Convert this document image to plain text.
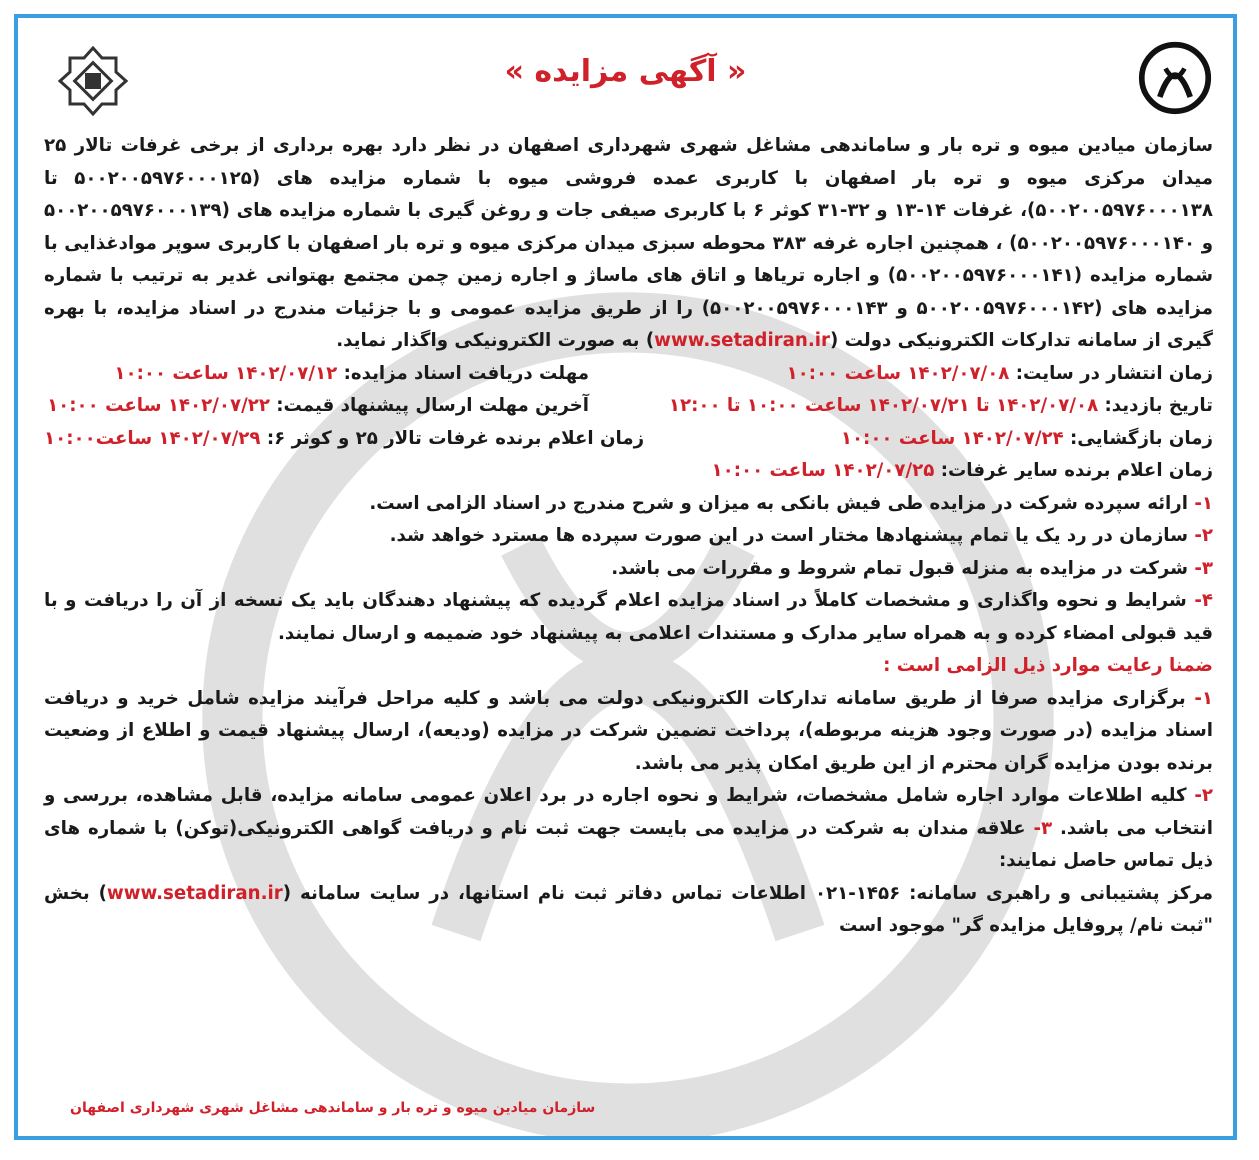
« آگهی مزایده »

سازمان میادین میوه و تره بار و ساماندهی مشاغل شهری شهرداری اصفهان در نظر دارد بهره برداری از برخی غرفات تالار ۲۵ میدان مرکزی میوه و تره بار اصفهان با کاربری عمده فروشی میوه با شماره مزایده های (۵۰۰۲۰۰۵۹۷۶۰۰۰۱۲۵ تا ۵۰۰۲۰۰۵۹۷۶۰۰۰۱۳۸)، غرفات ۱۴-۱۳ و ۳۲-۳۱ کوثر ۶ با کاربری صیفی جات و روغن گیری با شماره مزایده های (۵۰۰۲۰۰۵۹۷۶۰۰۰۱۳۹ و ۵۰۰۲۰۰۵۹۷۶۰۰۰۱۴۰) ، همچنین اجاره غرفه ۳۸۳ محوطه سبزی میدان مرکزی میوه و تره بار اصفهان با کاربری سوپر موادغذایی با شماره مزایده (۵۰۰۲۰۰۵۹۷۶۰۰۰۱۴۱) و اجاره تریاها و اتاق های ماساژ و اجاره زمین چمن مجتمع بهتوانی غدیر به ترتیب با شماره مزایده های (۵۰۰۲۰۰۵۹۷۶۰۰۰۱۴۲ و ۵۰۰۲۰۰۵۹۷۶۰۰۰۱۴۳) را از طریق مزایده عمومی و با جزئیات مندرج در اسناد مزایده، با بهره گیری از سامانه تدارکات الکترونیکی دولت (www.setadiran.ir) به صورت الکترونیکی واگذار نماید.

زمان انتشار در سایت: ۱۴۰۲/۰۷/۰۸ ساعت ۱۰:۰۰
مهلت دریافت اسناد مزایده: ۱۴۰۲/۰۷/۱۲ ساعت ۱۰:۰۰
تاریخ بازدید: ۱۴۰۲/۰۷/۰۸ تا ۱۴۰۲/۰۷/۲۱ ساعت ۱۰:۰۰ تا ۱۲:۰۰
آخرین مهلت ارسال پیشنهاد قیمت: ۱۴۰۲/۰۷/۲۲ ساعت ۱۰:۰۰
زمان بازگشایی: ۱۴۰۲/۰۷/۲۴ ساعت ۱۰:۰۰
زمان اعلام برنده غرفات تالار ۲۵ و کوثر ۶: ۱۴۰۲/۰۷/۲۹ ساعت۱۰:۰۰
زمان اعلام برنده سایر غرفات: ۱۴۰۲/۰۷/۲۵ ساعت ۱۰:۰۰

۱- ارائه سپرده شرکت در مزایده طی فیش بانکی به میزان و شرح مندرج در اسناد الزامی است.

۲- سازمان در رد یک یا تمام پیشنهادها مختار است در این صورت سپرده ها مسترد خواهد شد.

۳- شرکت در مزایده به منزله قبول تمام شروط و مقررات می باشد.

۴- شرایط و نحوه واگذاری و مشخصات کاملاً در اسناد مزایده اعلام گردیده که پیشنهاد دهندگان باید یک نسخه از آن را دریافت و با قید قبولی امضاء کرده و به همراه سایر مدارک و مستندات اعلامی به پیشنهاد خود ضمیمه و ارسال نمایند.

ضمنا رعایت موارد ذیل الزامی است :

۱- برگزاری مزایده صرفا از طریق سامانه تدارکات الکترونیکی دولت می باشد و کلیه مراحل فرآیند مزایده شامل خرید و دریافت اسناد مزایده (در صورت وجود هزینه مربوطه)، پرداخت تضمین شرکت در مزایده (ودیعه)، ارسال پیشنهاد قیمت و اطلاع از وضعیت برنده بودن مزایده گران محترم از این طریق امکان پذیر می باشد.

۲- کلیه اطلاعات موارد اجاره شامل مشخصات، شرایط و نحوه اجاره در برد اعلان عمومی سامانه مزایده، قابل مشاهده، بررسی و انتخاب می باشد. ۳- علاقه مندان به شرکت در مزایده می بایست جهت ثبت نام و دریافت گواهی الکترونیکی(توکن) با شماره های ذیل تماس حاصل نمایند:

مرکز پشتیبانی و راهبری سامانه: ۱۴۵۶-۰۲۱ اطلاعات تماس دفاتر ثبت نام استانها، در سایت سامانه (www.setadiran.ir) بخش "ثبت نام/ پروفایل مزایده گر" موجود است

سازمان میادین میوه و تره بار و ساماندهی مشاغل شهری شهرداری اصفهان
